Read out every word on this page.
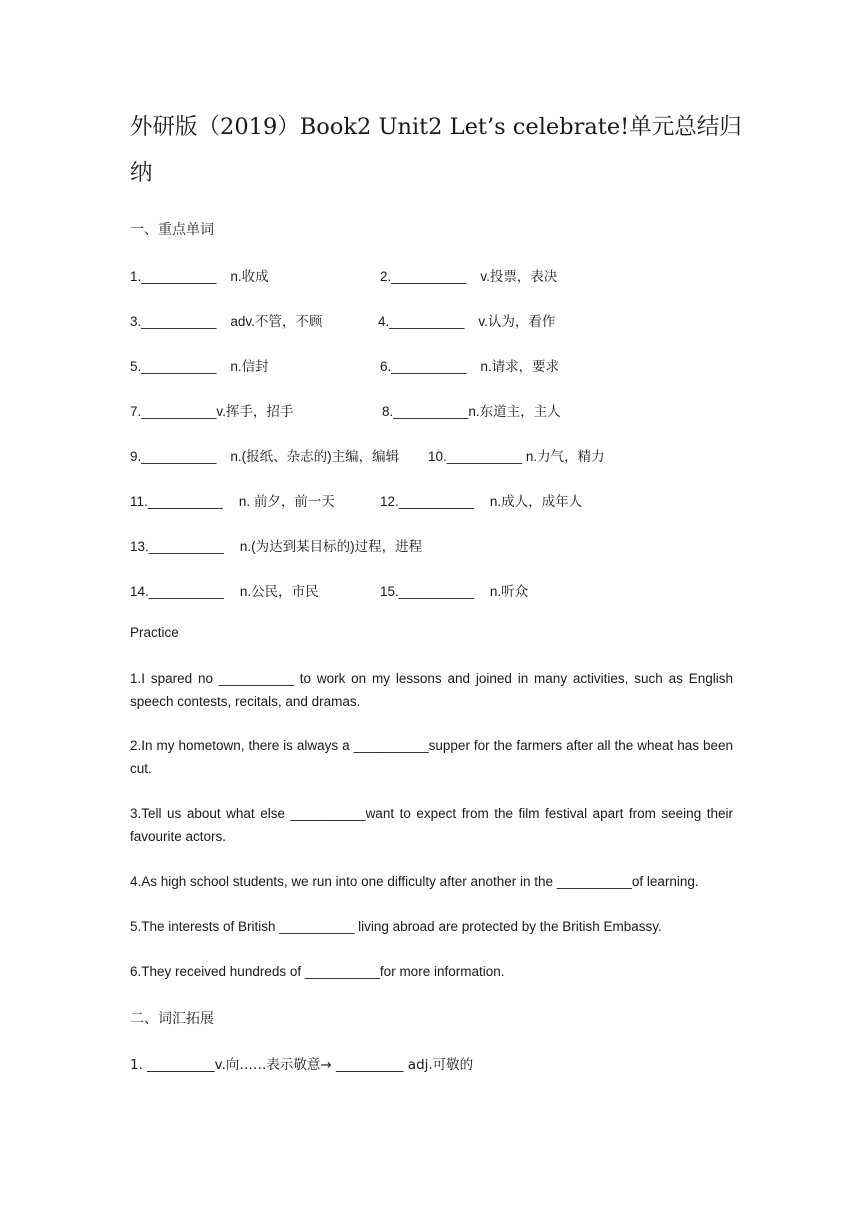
外研版（2019）Book2 Unit2 Let’s celebrate!单元总结归纳
一、重点单词
1.__________ n.收成	2.__________ v.投票，表决
3.__________ adv.不管，不顾	4.__________ v.认为，看作
5.__________ n.信封	6.__________ n.请求，要求
7.__________v.挥手，招手	8.__________n.东道主，主人
9.__________ n.(报纸、杂志的)主编，编辑 10.__________ n.力气，精力
11.__________ n. 前夕，前一天	12.__________ n.成人，成年人
13.__________ n.(为达到某目标的)过程，进程
14.__________ n.公民，市民	15.__________ n.听众
Practice
1.I spared no __________ to work on my lessons and joined in many activities, such as English speech contests, recitals, and dramas.
2.In my hometown, there is always a __________supper for the farmers after all the wheat has been cut.
3.Tell us about what else __________want to expect from the film festival apart from seeing their favourite actors.
4.As high school students, we run into one difficulty after another in the __________of learning.
5.The interests of British __________ living abroad are protected by the British Embassy.
6.They received hundreds of __________for more information.
二、词汇拓展
1. __________v.向……表示敬意→ __________ adj.可敬的
